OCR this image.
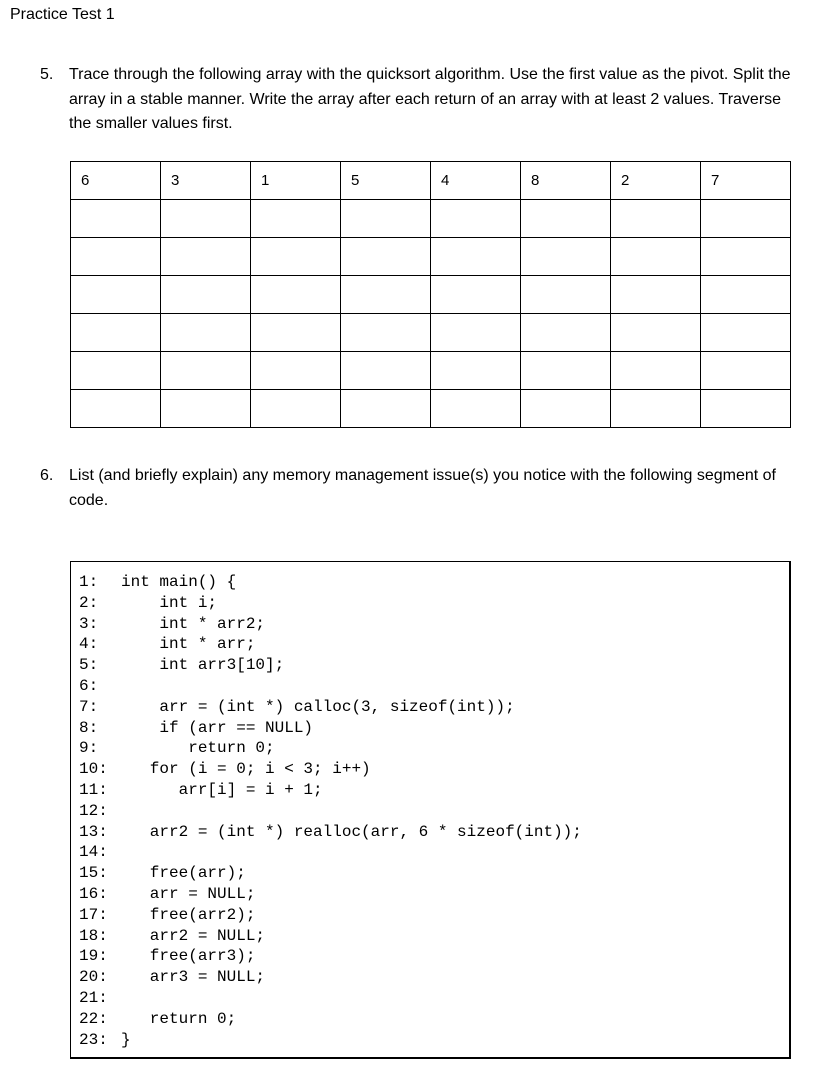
Practice Test 1
5. Trace through the following array with the quicksort algorithm. Use the first value as the pivot. Split the array in a stable manner. Write the array after each return of an array with at least 2 values. Traverse the smaller values first.
6	3	1	5	4	8	2	7

6. List (and briefly explain) any memory management issue(s) you notice with the following segment of code.
1: int main() {
2:    int i;
3:    int * arr2;
4:    int * arr;
5:    int arr3[10];
6:
7:    arr = (int *) calloc(3, sizeof(int));
8:    if (arr == NULL)
9:       return 0;
10:   for (i = 0; i < 3; i++)
11:      arr[i] = i + 1;
12:
13:   arr2 = (int *) realloc(arr, 6 * sizeof(int));
14:
15:   free(arr);
16:   arr = NULL;
17:   free(arr2);
18:   arr2 = NULL;
19:   free(arr3);
20:   arr3 = NULL;
21:
22:   return 0;
23: }
